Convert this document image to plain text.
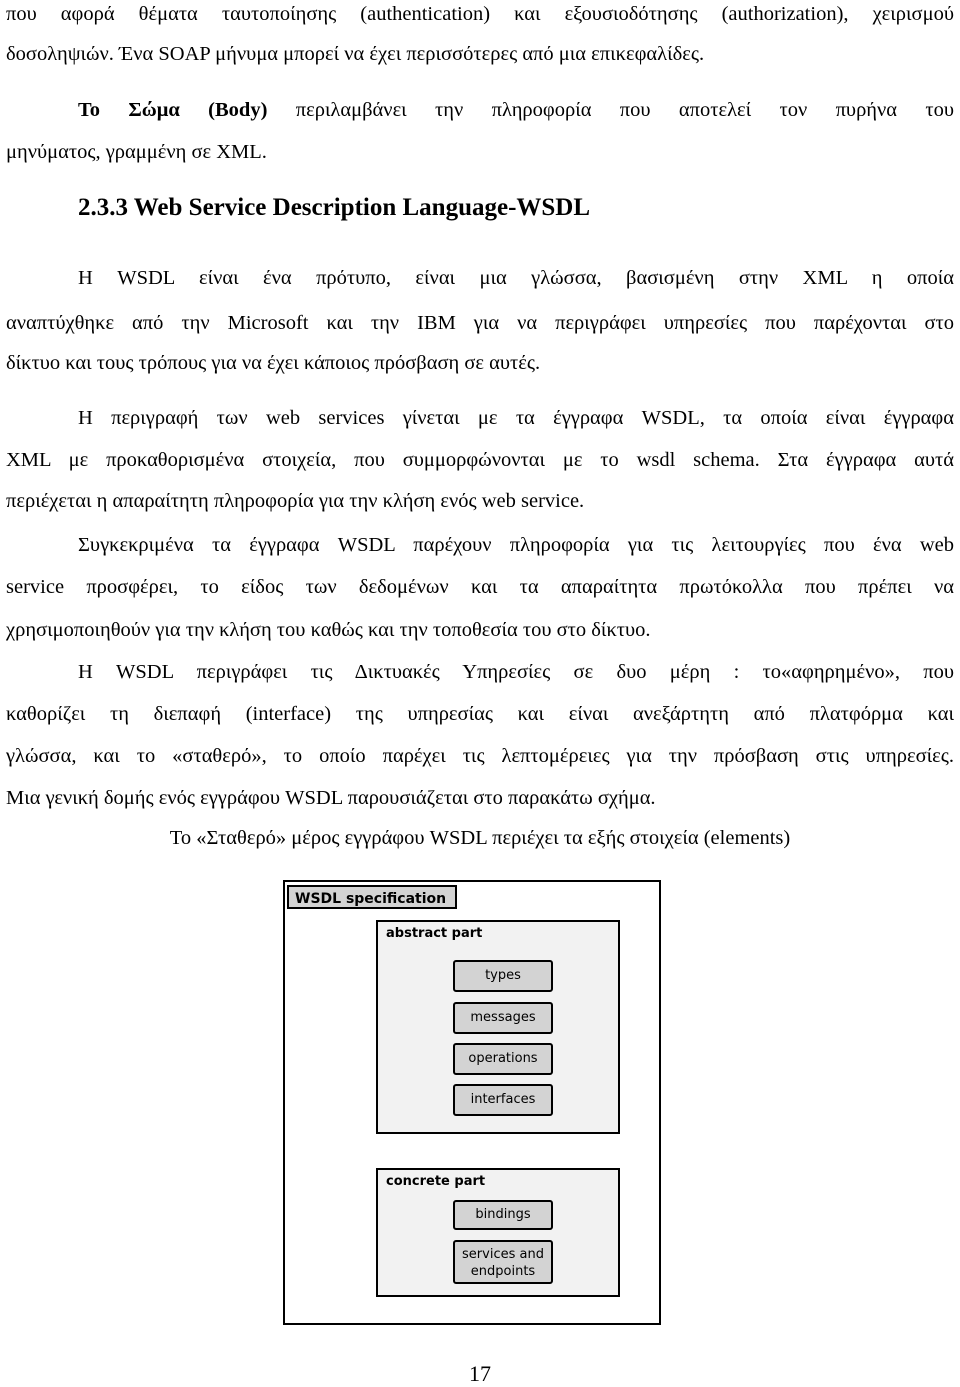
που αφορά θέματα ταυτοποίησης (authentication) και εξουσιοδότησης (authorization), χειρισμού
δοσοληψιών. Ένα SOAP μήνυμα μπορεί να έχει περισσότερες από μια επικεφαλίδες.
Το Σώμα (Body) περιλαμβάνει την πληροφορία που αποτελεί τον πυρήνα του
μηνύματος, γραμμένη σε XML.
2.3.3 Web Service Description Language-WSDL
Η WSDL είναι ένα πρότυπο, είναι μια γλώσσα, βασισμένη στην XML η οποία
αναπτύχθηκε από την Microsoft και την IBM για να περιγράφει υπηρεσίες που παρέχονται στο
δίκτυο και τους τρόπους για να έχει κάποιος πρόσβαση σε αυτές.
Η περιγραφή των web services γίνεται με τα έγγραφα WSDL, τα οποία είναι έγγραφα
XML με προκαθορισμένα στοιχεία, που συμμορφώνονται με το wsdl schema. Στα έγγραφα αυτά
περιέχεται η απαραίτητη πληροφορία για την κλήση ενός web service.
Συγκεκριμένα τα έγγραφα WSDL παρέχουν πληροφορία για τις λειτουργίες που ένα web
service προσφέρει, το είδος των δεδομένων και τα απαραίτητα πρωτόκολλα που πρέπει να
χρησιμοποιηθούν για την κλήση του καθώς και την τοποθεσία του στο δίκτυο.
Η WSDL περιγράφει τις Δικτυακές Υπηρεσίες σε δυο μέρη : το«αφηρημένο», που
καθορίζει τη διεπαφή (interface) της υπηρεσίας και είναι ανεξάρτητη από πλατφόρμα και
γλώσσα, και το «σταθερό», το οποίο παρέχει τις λεπτομέρειες για την πρόσβαση στις υπηρεσίες.
Μια γενική δομής ενός εγγράφου WSDL παρουσιάζεται στο παρακάτω σχήμα.
Το «Σταθερό» μέρος εγγράφου WSDL περιέχει τα εξής στοιχεία (elements)
WSDL specification
abstract part
types
messages
operations
interfaces
concrete part
bindings
services and
endpoints
17
